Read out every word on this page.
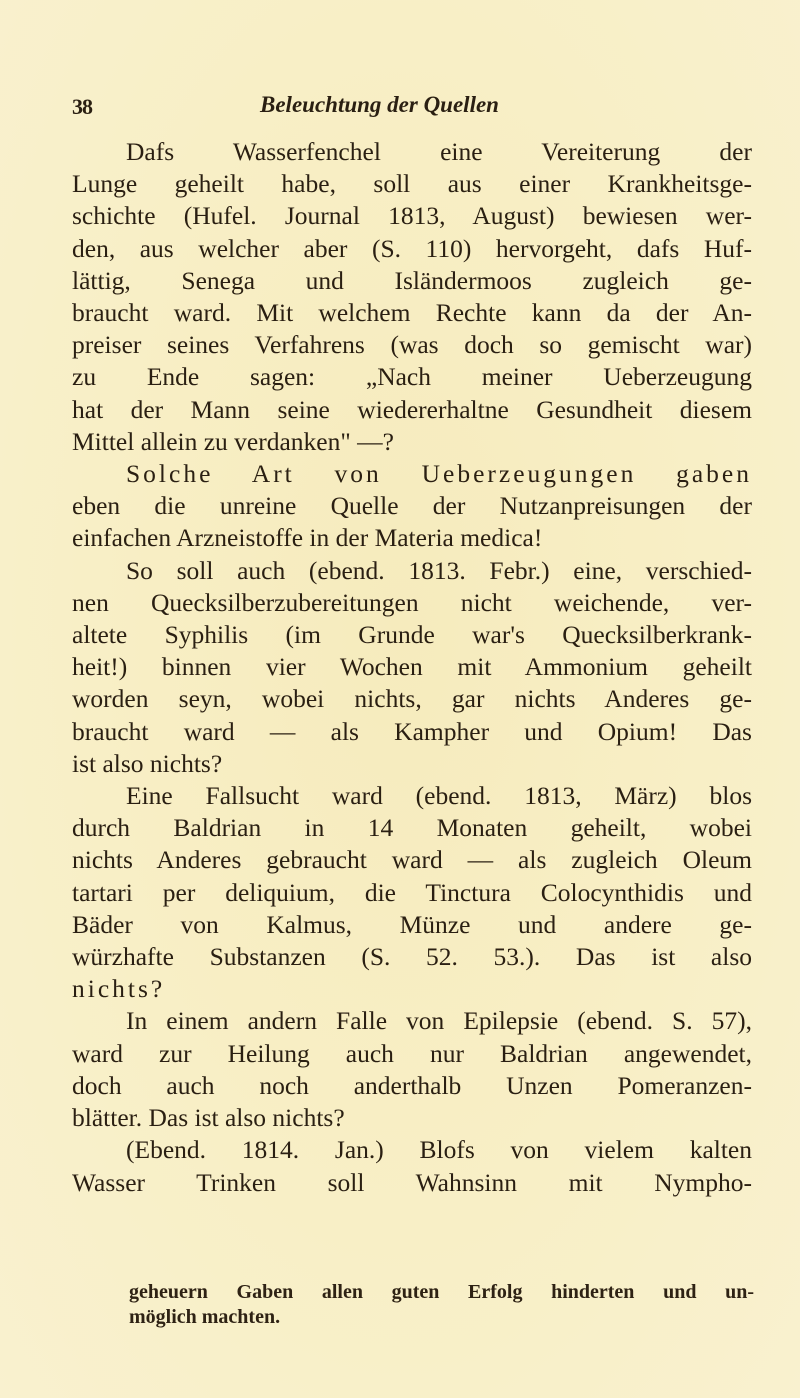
38	Beleuchtung der Quellen

Dafs Wasserfenchel eine Vereiterung der

Lunge geheilt habe, soll aus einer Krankheitsge-
schichte (Hufel. Journal 1813, August) bewiesen wer-
den, aus welcher aber (S. 110) hervorgeht, dafs Huf-
lättig, Senega und Isländermoos zugleich ge-
braucht ward. Mit welchem Rechte kann da der An-
preiser seines Verfahrens (was doch so gemischt war)
zu Ende sagen: „Nach meiner Ueberzeugung
hat der Mann seine wiedererhaltne Gesundheit diesem
Mittel allein zu verdanken" —?

Solche Art von Ueberzeugungen gaben

eben die unreine Quelle der Nutzanpreisungen der
einfachen Arzneistoffe in der Materia medica!

So soll auch (ebend. 1813. Febr.) eine, verschied-

nen Quecksilberzubereitungen nicht weichende, ver-
altete Syphilis (im Grunde war's Quecksilberkrank-
heit!) binnen vier Wochen mit Ammonium geheilt
worden seyn, wobei nichts, gar nichts Anderes ge-
braucht ward — als Kampher und Opium! Das
ist also nichts?

Eine Fallsucht ward (ebend. 1813, März) blos

durch Baldrian in 14 Monaten geheilt, wobei
nichts Anderes gebraucht ward — als zugleich Oleum
tartari per deliquium, die Tinctura Colocynthidis und
Bäder von Kalmus, Münze und andere ge-
würzhafte Substanzen (S. 52. 53.). Das ist also
nichts?

In einem andern Falle von Epilepsie (ebend. S. 57),

ward zur Heilung auch nur Baldrian angewendet,
doch auch noch anderthalb Unzen Pomeranzen-
blätter. Das ist also nichts?

(Ebend. 1814. Jan.) Blofs von vielem kalten

Wasser Trinken soll Wahnsinn mit Nympho-

geheuern Gaben allen guten Erfolg hinderten und un-
möglich machten.
